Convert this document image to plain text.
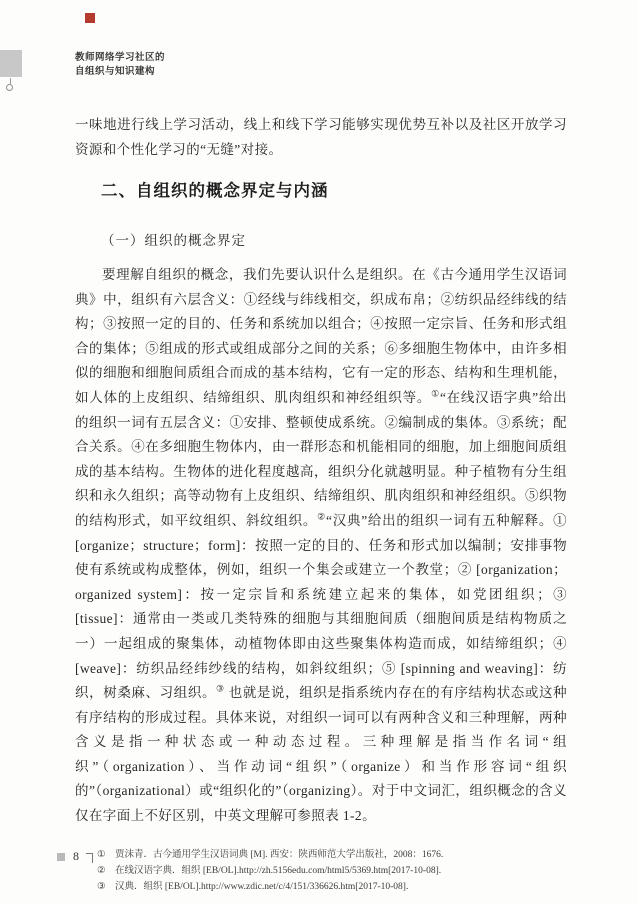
教师网络学习社区的
自组织与知识建构

一味地进行线上学习活动，线上和线下学习能够实现优势互补以及社区开放学习资源和个性化学习的“无缝”对接。

二、自组织的概念界定与内涵
（一）组织的概念界定

要理解自组织的概念，我们先要认识什么是组织。在《古今通用学生汉语词典》中，组织有六层含义：①经线与纬线相交，织成布帛；②纺织品经纬线的结构；③按照一定的目的、任务和系统加以组合；④按照一定宗旨、任务和形式组合的集体；⑤组成的形式或组成部分之间的关系；⑥多细胞生物体中，由许多相似的细胞和细胞间质组合而成的基本结构，它有一定的形态、结构和生理机能，如人体的上皮组织、结缔组织、肌肉组织和神经组织等。①“在线汉语字典”给出的组织一词有五层含义：①安排、整顿使成系统。②编制成的集体。③系统；配合关系。④在多细胞生物体内，由一群形态和机能相同的细胞，加上细胞间质组成的基本结构。生物体的进化程度越高，组织分化就越明显。种子植物有分生组织和永久组织；高等动物有上皮组织、结缔组织、肌肉组织和神经组织。⑤织物的结构形式，如平纹组织、斜纹组织。②“汉典”给出的组织一词有五种解释。① [organize；structure；form]：按照一定的目的、任务和形式加以编制；安排事物使有系统或构成整体，例如，组织一个集会或建立一个教堂；② [organization；organized system]：按一定宗旨和系统建立起来的集体，如党团组织；③ [tissue]：通常由一类或几类特殊的细胞与其细胞间质（细胞间质是结构物质之一）一起组成的聚集体，动植物体即由这些聚集体构造而成，如结缔组织；④ [weave]：纺织品经纬纱线的结构，如斜纹组织；⑤ [spinning and weaving]：纺织，树桑麻、习组织。③ 也就是说，组织是指系统内存在的有序结构状态或这种有序结构的形成过程。具体来说，对组织一词可以有两种含义和三种理解，两种含义是指一种状态或一种动态过程。三种理解是指当作名词“组织”（organization）、当作动词“组织”（organize）和当作形容词“组织的”（organizational）或“组织化的”（organizing）。对于中文词汇，组织概念的含义仅在字面上不好区别，中英文理解可参照表 1-2。

① 贾沫青．古今通用学生汉语词典 [M]. 西安：陕西师范大学出版社，2008：1676.
② 在线汉语字典．组织 [EB/OL].http://zh.5156edu.com/html5/5369.htm[2017-10-08].
③ 汉典．组织 [EB/OL].http://www.zdic.net/c/4/151/336626.htm[2017-10-08].
8
